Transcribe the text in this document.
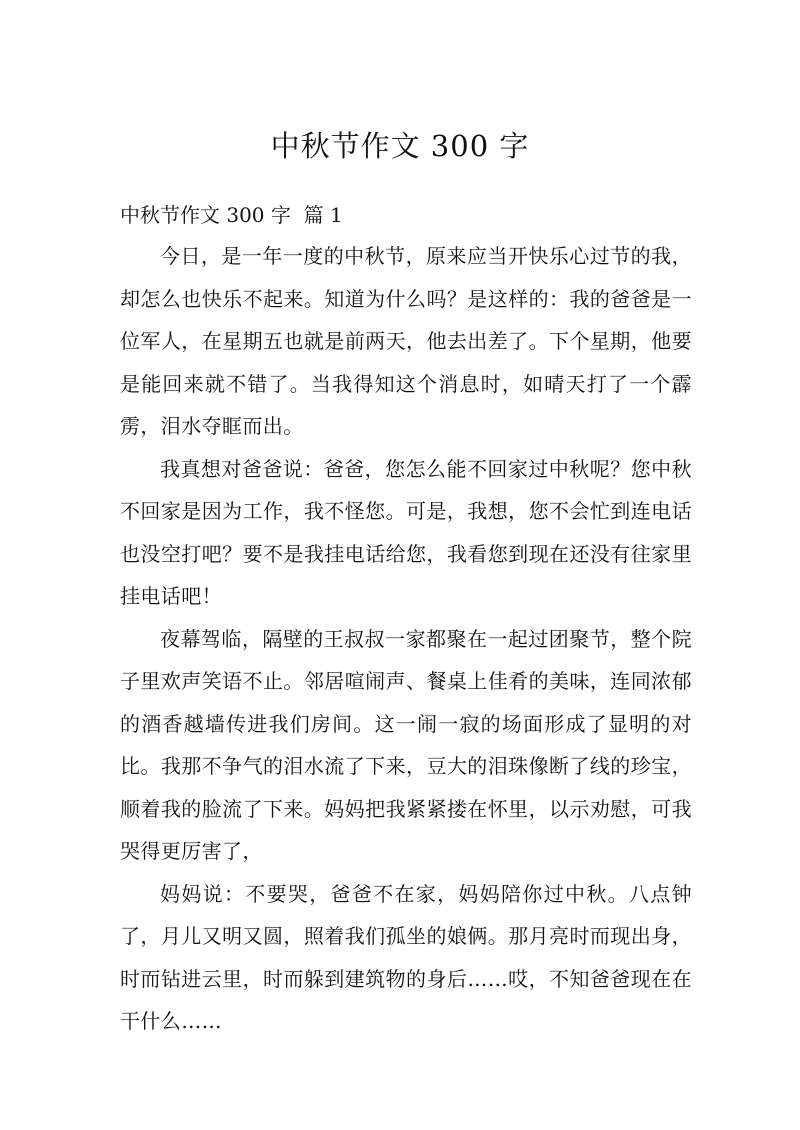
中秋节作文 300 字
中秋节作文 300 字  篇 1

今日，是一年一度的中秋节，原来应当开快乐心过节的我，却怎么也快乐不起来。知道为什么吗？是这样的：我的爸爸是一位军人，在星期五也就是前两天，他去出差了。下个星期，他要是能回来就不错了。当我得知这个消息时，如晴天打了一个霹雳，泪水夺眶而出。

我真想对爸爸说：爸爸，您怎么能不回家过中秋呢？您中秋不回家是因为工作，我不怪您。可是，我想，您不会忙到连电话也没空打吧？要不是我挂电话给您，我看您到现在还没有往家里挂电话吧！

夜幕驾临，隔壁的王叔叔一家都聚在一起过团聚节，整个院子里欢声笑语不止。邻居喧闹声、餐桌上佳肴的美味，连同浓郁的酒香越墙传进我们房间。这一闹一寂的场面形成了显明的对比。我那不争气的泪水流了下来，豆大的泪珠像断了线的珍宝，顺着我的脸流了下来。妈妈把我紧紧搂在怀里，以示劝慰，可我哭得更厉害了，

妈妈说：不要哭，爸爸不在家，妈妈陪你过中秋。八点钟了，月儿又明又圆，照着我们孤坐的娘俩。那月亮时而现出身，时而钻进云里，时而躲到建筑物的身后……哎，不知爸爸现在在干什么……
